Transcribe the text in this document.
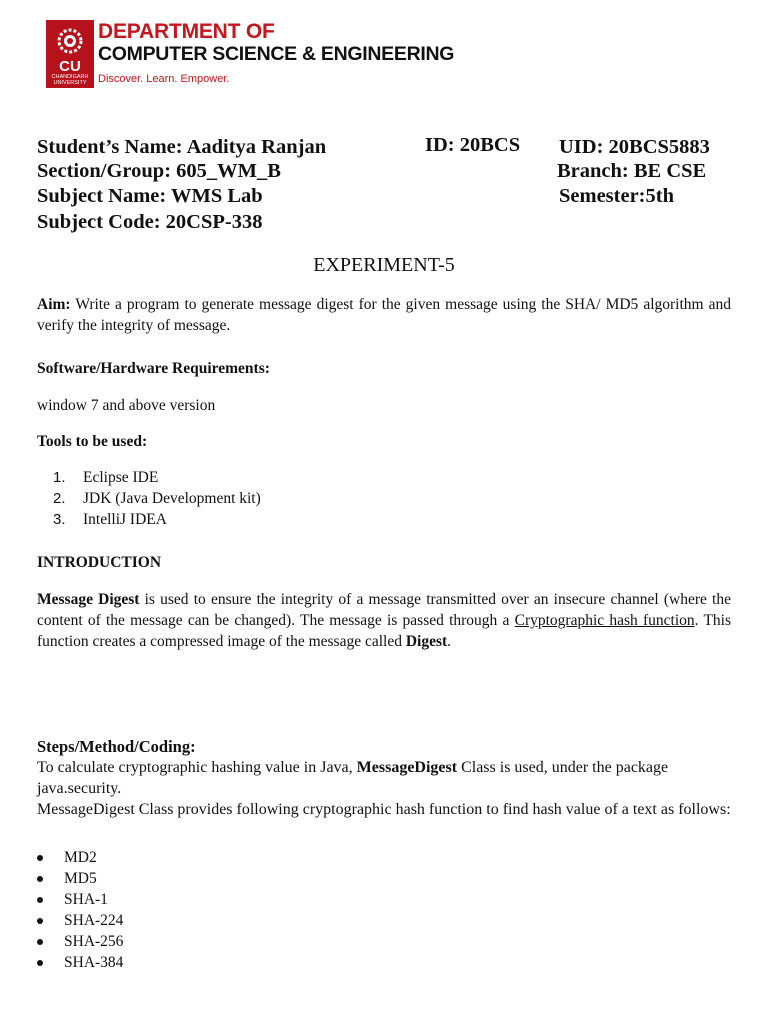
CU
CHANDIGARH UNIVERSITY
DEPARTMENT OF
COMPUTER SCIENCE & ENGINEERING
Discover. Learn. Empower.
Student’s Name: Aaditya Ranjan	ID: 20BCS UID: 20BCS5883
Section/Group: 605_WM_B	Branch: BE CSE
Subject Name: WMS Lab	Semester:5th
Subject Code: 20CSP-338
EXPERIMENT-5
Aim: Write a program to generate message digest for the given message using the SHA/ MD5 algorithm and verify the integrity of message.
Software/Hardware Requirements:
window 7 and above version
Tools to be used:
1. Eclipse IDE
2. JDK (Java Development kit)
3. IntelliJ IDEA
INTRODUCTION
Message Digest is used to ensure the integrity of a message transmitted over an insecure channel (where the content of the message can be changed). The message is passed through a Cryptographic hash function. This function creates a compressed image of the message called Digest.
Steps/Method/Coding:
To calculate cryptographic hashing value in Java, MessageDigest Class is used, under the package java.security.
MessageDigest Class provides following cryptographic hash function to find hash value of a text as follows:
MD2
MD5
SHA-1
SHA-224
SHA-256
SHA-384
